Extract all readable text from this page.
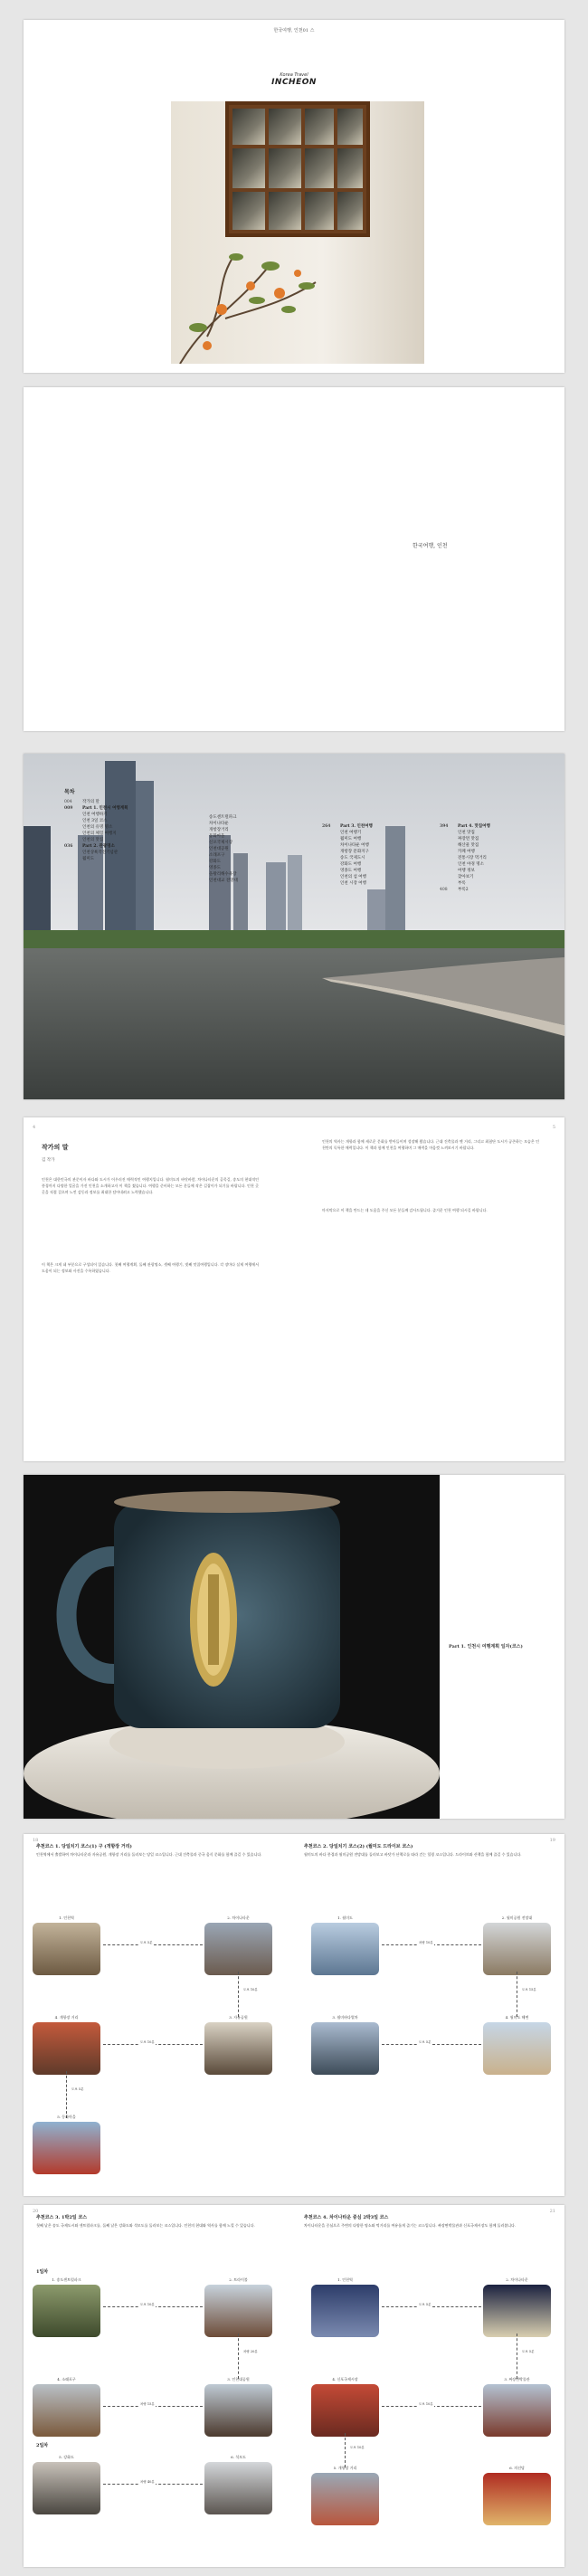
한국여행, 인천01 스
Korea Travel
INCHEON
한국여행, 인천
목차
004	작가의 말
009	Part 1. 인천시 여행계획
인천 여행하기
인천 3일 코스
인천의 유명 명소
인천의 체험 여행지
인천의 맛집
036	Part 2. 관광명소
인천상륙작전기념관
월미도
송도센트럴파크
차이나타운
개항장거리
동화마을
신포국제시장
인천대공원
소래포구
강화도
영종도
을왕리해수욕장
인천대교 전망대
264	Part 3. 인천여행
인천 여행기
월미도 여행
차이나타운 여행
개항장 문화지구
송도 국제도시
강화도 여행
영종도 여행
인천의 섬 여행
인천 시장 여행
394	Part 4. 맛집여행
인천 맛집
짜장면 맛집
해산물 맛집
카페 여행
전통시장 먹거리
인천 야경 명소
여행 정보
찾아보기
부록
408	부록2
4	5
작가의 말
김 작가
인천은 대한민국의 관문이자 바다와 도시가 어우러진 매력적인 여행지입니다. 월미도의 바닷바람, 차이나타운의 골목길, 송도의 현대적인 풍경까지 다양한 얼굴을 가진 인천을 소개하고자 이 책을 썼습니다. 여행을 준비하는 모든 분들께 작은 길잡이가 되기를 바랍니다. 인천 곳곳을 직접 걸으며 느낀 감동과 정보를 최대한 담아내려고 노력했습니다.
이 책은 크게 네 부분으로 구성되어 있습니다. 첫째 여행계획, 둘째 관광명소, 셋째 여행기, 넷째 맛집여행입니다. 각 장마다 실제 여행에서 도움이 되는 정보와 사진을 수록하였습니다.
인천의 역사는 개항과 함께 새로운 문화를 받아들이며 성장해 왔습니다. 근대 건축물과 옛 거리, 그리고 최첨단 도시가 공존하는 모습은 인천만의 독특한 매력입니다. 이 책과 함께 인천을 여행하며 그 매력을 마음껏 느껴보시기 바랍니다.
마지막으로 이 책을 만드는 데 도움을 주신 모든 분들께 감사드립니다. 즐거운 인천 여행 되시길 바랍니다.
Part 1. 인천시 여행계획 일자(코스)
18	19
추천코스 1. 당일치기 코스(1) 구 (개항장 거리)
인천역에서 출발하여 차이나타운과 자유공원, 개항장 거리를 둘러보는 당일 코스입니다. 근대 건축물과 중국 음식 문화를 함께 즐길 수 있습니다.
추천코스 2. 당일치기 코스(2) (월미도 드라이브 코스)
월미도의 바다 풍경과 월미공원 전망대를 둘러보고 바닷가 산책로를 따라 걷는 힐링 코스입니다. 드라이브와 산책을 함께 즐길 수 있습니다.
1. 인천역
도보 5분
2. 차이나타운
도보 10분
4. 개항장 거리
도보 10분
3. 자유공원
도보 5분
5. 동화마을
1. 월미도
차량 10분
2. 월미공원 전망대
도보 15분
3. 월미바다열차
도보 5분
4. 월미도 해변
20	21
추천코스 3. 1박2일 코스
첫째 날은 송도 국제도시와 센트럴파크를, 둘째 날은 강화도와 석모도를 둘러보는 코스입니다. 인천의 현대와 역사를 함께 느낄 수 있습니다.
추천코스 4. 차이나타운 중심 2박3일 코스
차이나타운을 중심으로 주변의 다양한 명소와 먹거리를 여유롭게 즐기는 코스입니다. 짜장면박물관과 신포국제시장도 함께 둘러봅니다.
1일차
1. 송도센트럴파크
도보 10분
2. 트라이볼
차량 20분
4. 소래포구
차량 15분
3. 인천대공원
2일차
5. 강화도
차량 40분
6. 석모도
1. 인천역
도보 5분
2. 차이나타운
도보 5분
4. 신포국제시장
도보 10분
3. 짜장면박물관
도보 10분
5. 개항장 거리	6. 의선당
